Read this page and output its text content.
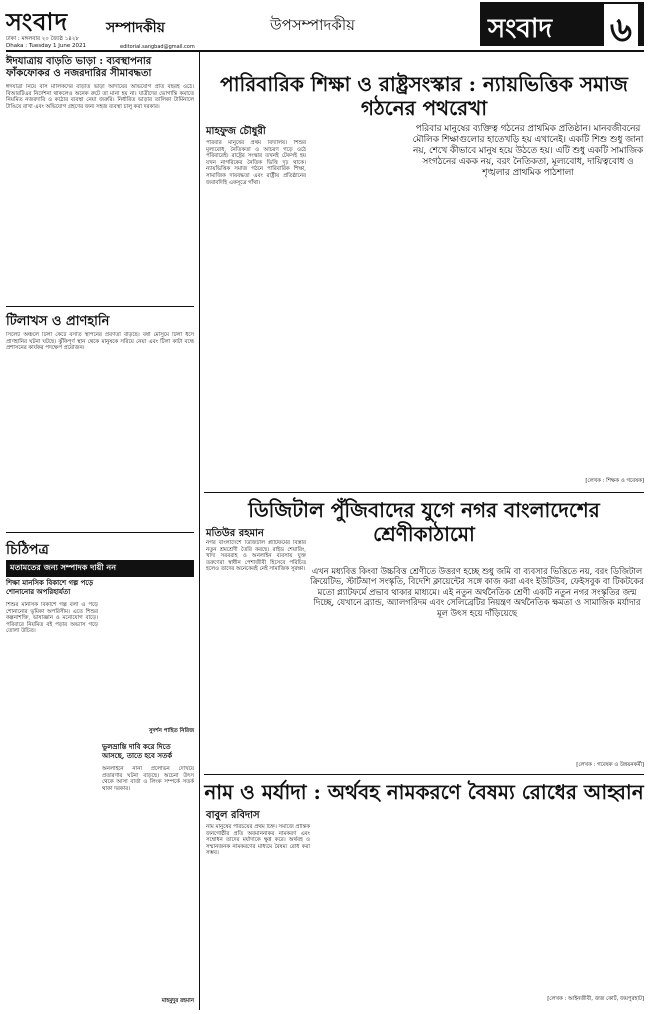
সংবাদ	সম্পাদকীয়
ঢাকা : মঙ্গলবার ২০ জ্যৈষ্ঠ ১৪২৮
Dhaka : Tuesday 1 June 2021	editorial.sangbad@gmail.com
উপসম্পাদকীয়	সংবাদ ৬
ঈদযাত্রায় বাড়তি ভাড়া : ব্যবস্থাপনার ফাঁকফোকর ও নজরদারির সীমাবদ্ধতা
ঈদযাত্রা নিয়ে বাস মালিকদের বাড়তি ভাড়া আদায়ের অভিযোগ প্রতি বছরই ওঠে। বিআরটিএর নির্দেশনা থাকলেও অনেক রুটে তা মানা হয় না। যাত্রীদের ভোগান্তি কমাতে নিয়মিত নজরদারি ও কঠোর ব্যবস্থা নেয়া জরুরি। নির্ধারিত ভাড়ার তালিকা টার্মিনালে টাঙিয়ে রাখা এবং অভিযোগ গ্রহণের জন্য সহজ ব্যবস্থা চালু করা দরকার।
টিলাখস ও প্রাণহানি
সিলেট অঞ্চলে টিলা কেটে বসতি স্থাপনের প্রবণতা বাড়ছে। বর্ষা মৌসুমে টিলা ধসে প্রাণহানির ঘটনা ঘটছে। ঝুঁকিপূর্ণ স্থান থেকে মানুষকে সরিয়ে নেয়া এবং টিলা কাটা বন্ধে প্রশাসনের কার্যকর পদক্ষেপ প্রয়োজন।
চিঠিপত্র
মতামতের জন্য সম্পাদক দায়ী নন
শিক্ষা মানসিক বিকাশে গল্প পড়ে শোনানোর অপরিহার্যতা
শিশুর মানসিক বিকাশে গল্প বলা ও পড়ে শোনানোর ভূমিকা অপরিসীম। এতে শিশুর কল্পনাশক্তি, ভাষাজ্ঞান ও মনোযোগ বাড়ে। পরিবারে নিয়মিত বই পড়ার অভ্যাস গড়ে তোলা উচিত।
সুদর্শন পাহিত নিরিজ
ভুলভ্রান্তি দাবি করে দিতে আসছে, তাতে হবে সতর্ক
অনলাইনে নানা প্রলোভন দেখিয়ে প্রতারণার ঘটনা বাড়ছে। অচেনা উৎস থেকে আসা বার্তা ও লিংক সম্পর্কে সতর্ক থাকা দরকার।
মাহমুদুর রহমান
পারিবারিক শিক্ষা ও রাষ্ট্রসংস্কার : ন্যায়ভিত্তিক সমাজ গঠনের পথরেখা
মাহফুজ চৌধুরী
পরিবার মানুষের প্রথম বিদ্যালয়। শিশুর মূল্যবোধ, নৈতিকতা ও আচরণ গড়ে ওঠে পরিবারেই। রাষ্ট্রের সংস্কার তখনই টেকসই হয় যখন নাগরিকের নৈতিক ভিত্তি দৃঢ় থাকে। ন্যায়ভিত্তিক সমাজ গঠনে পারিবারিক শিক্ষা, সামাজিক দায়বদ্ধতা এবং রাষ্ট্রীয় প্রতিষ্ঠানের জবাবদিহি একসূত্রে গাঁথা।
পরিবার মানুষের ব্যক্তিত্ব গঠনের প্রাথমিক প্রতিষ্ঠান। মানবজীবনের মৌলিক শিক্ষাগুলোর হাতেখড়ি হয় এখানেই। একটি শিশু শুধু জানা নয়, শেখে কীভাবে মানুষ হয়ে উঠতে হয়। এটি শুধু একটি সামাজিক সংগঠনের একক নয়, বরং নৈতিকতা, মূল্যবোধ, দায়িত্ববোধ ও শৃঙ্খলার প্রাথমিক পাঠশালা
[লেখক : শিক্ষক ও গবেষক]
ডিজিটাল পুঁজিবাদের যুগে নগর বাংলাদেশের শ্রেণীকাঠামো
মতিউর রহমান
নগর বাংলাদেশে ডিজিটাল প্ল্যাটফর্মের বিস্তার নতুন শ্রমশ্রেণী তৈরি করছে। রাইড শেয়ারিং, খাদ্য সরবরাহ ও অনলাইন ব্যবসায় যুক্ত তরুণেরা স্বাধীন পেশাজীবী হিসেবে পরিচিত হলেও তাদের অনেকেরই নেই সামাজিক সুরক্ষা। এখন মধ্যবিত্ত কিংবা উচ্চবিত্ত শ্রেণীতে উত্তরণ হচ্ছে শুধু জমি বা ব্যবসার ভিত্তিতে নয়, বরং ডিজিটাল ক্রিয়েটিভ, স্টার্টআপ সংস্কৃতি, বিদেশি ক্লায়েন্টের সঙ্গে কাজ করা এবং ইউটিউব, ফেইসবুক বা টিকটকের মতো প্ল্যাটফর্মে প্রভাব থাকার মাধ্যমে। এই নতুন অর্থনৈতিক শ্রেণী একটি নতুন নগর সংস্কৃতির জন্ম দিচ্ছে, যেখানে ব্র্যান্ড, অ্যালগরিদম এবং সেলিব্রেটির নিয়ন্ত্রণ অর্থনৈতিক ক্ষমতা ও সামাজিক মর্যাদার মূল উৎস হয়ে দাঁড়িয়েছে
[লেখক : গবেষক ও উন্নয়নকর্মী]
নাম ও মর্যাদা : অর্থবহ নামকরণে বৈষম্য রোধের আহ্বান
বাবুল রবিদাস
নাম মানুষের পরিচয়ের প্রথম চিহ্ন। সমাজে প্রান্তিক জনগোষ্ঠীর প্রতি অবমাননাকর নামকরণ এবং সম্বোধন তাদের মর্যাদাকে ক্ষুণ্ণ করে। অর্থবহ ও সম্মানজনক নামকরণের মাধ্যমে বৈষম্য রোধ করা সম্ভব।
[লেখক : আইনজীবী, জজ কোর্ট, জয়পুরহাট]
